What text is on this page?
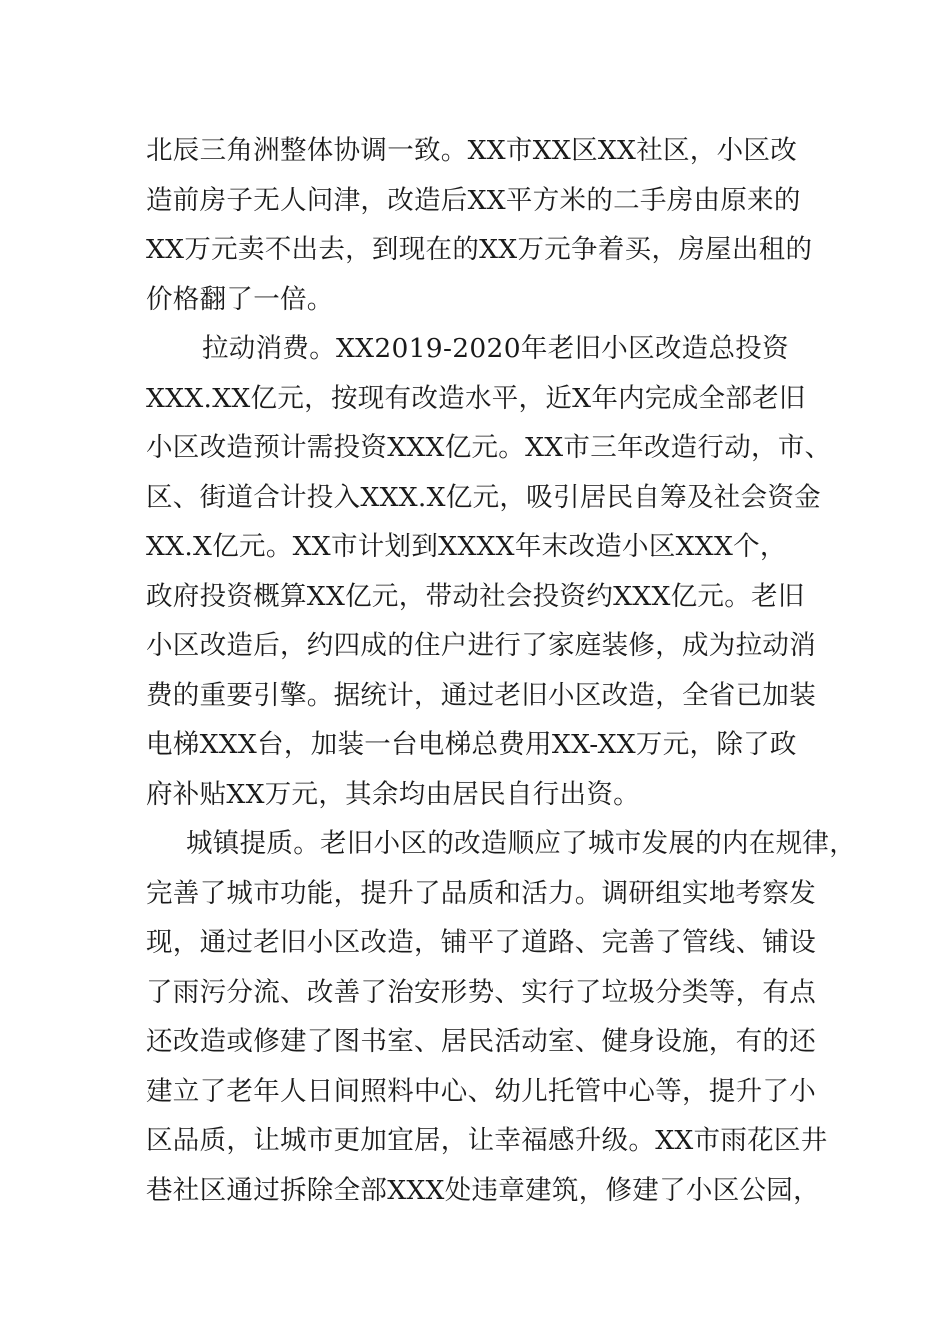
北辰三角洲整体协调一致。XX市XX区XX社区，小区改
造前房子无人问津，改造后XX平方米的二手房由原来的
XX万元卖不出去，到现在的XX万元争着买，房屋出租的
价格翻了一倍。
拉动消费。XX2019-2020年老旧小区改造总投资
XXX.XX亿元，按现有改造水平，近X年内完成全部老旧
小区改造预计需投资XXX亿元。XX市三年改造行动，市、
区、街道合计投入XXX.X亿元，吸引居民自筹及社会资金
XX.X亿元。XX市计划到XXXX年末改造小区XXX个，
政府投资概算XX亿元，带动社会投资约XXX亿元。老旧
小区改造后，约四成的住户进行了家庭装修，成为拉动消
费的重要引擎。据统计，通过老旧小区改造，全省已加装
电梯XXX台，加装一台电梯总费用XX-XX万元，除了政
府补贴XX万元，其余均由居民自行出资。
城镇提质。老旧小区的改造顺应了城市发展的内在规律，
完善了城市功能，提升了品质和活力。调研组实地考察发
现，通过老旧小区改造，铺平了道路、完善了管线、铺设
了雨污分流、改善了治安形势、实行了垃圾分类等，有点
还改造或修建了图书室、居民活动室、健身设施，有的还
建立了老年人日间照料中心、幼儿托管中心等，提升了小
区品质，让城市更加宜居，让幸福感升级。XX市雨花区井
巷社区通过拆除全部XXX处违章建筑，修建了小区公园，
